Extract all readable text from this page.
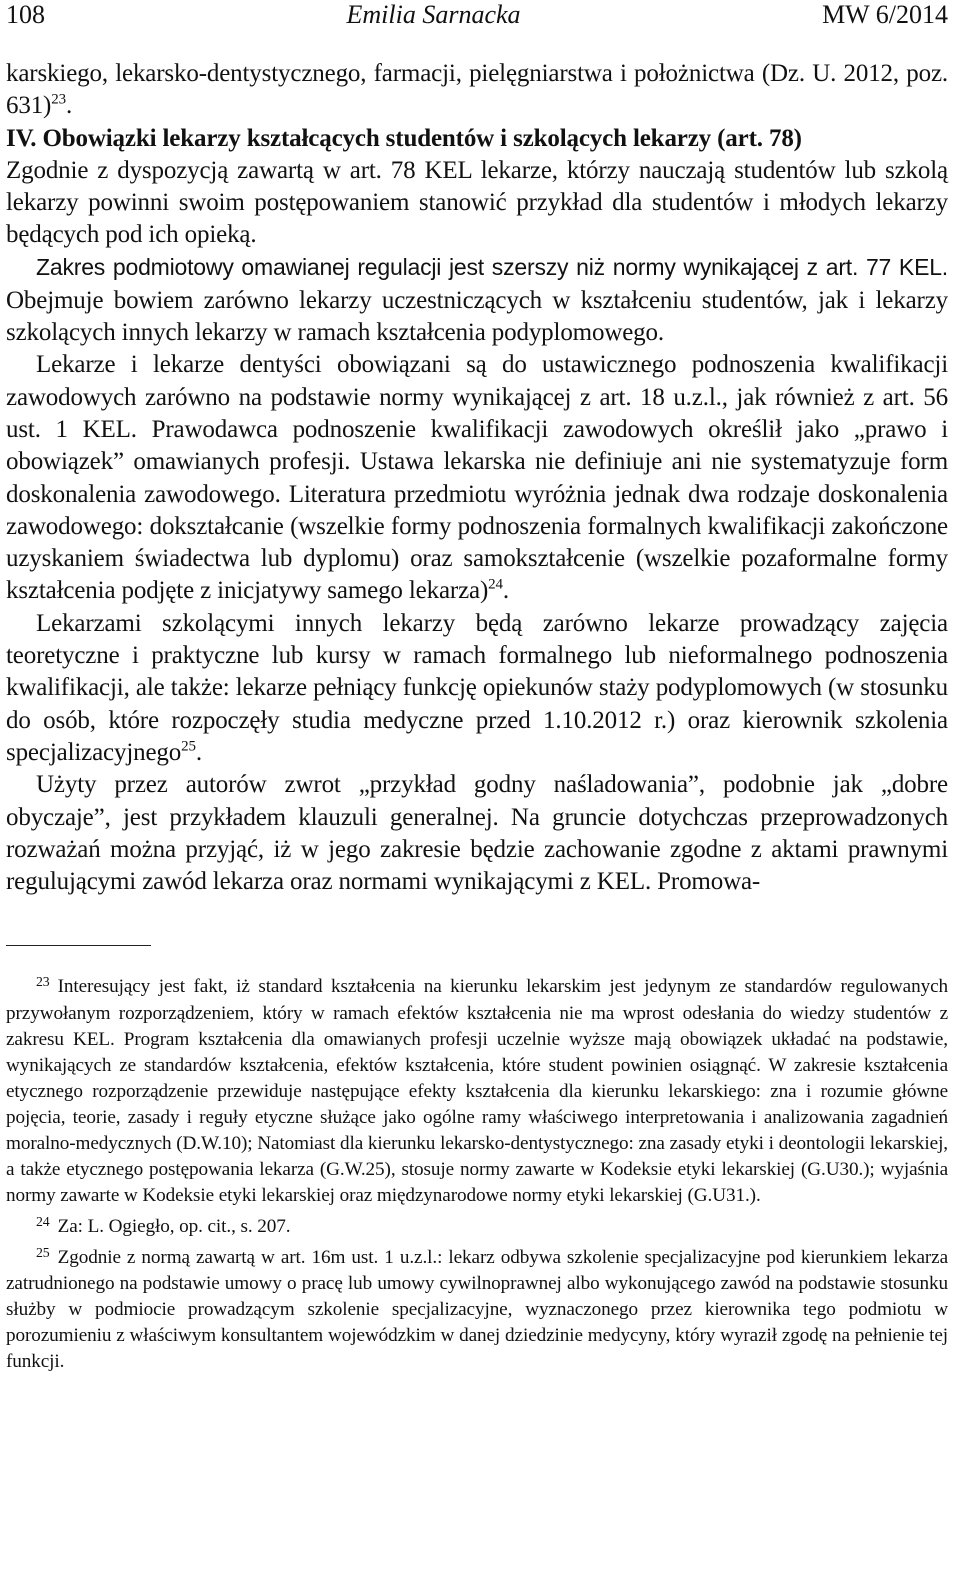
108	Emilia Sarnacka	MW 6/2014

karskiego, lekarsko-dentystycznego, farmacji, pielęgniarstwa i położnictwa (Dz. U. 2012, poz. 631)$^{23}$.

IV. Obowiązki lekarzy kształcących studentów i szkolących lekarzy (art. 78)

Zgodnie z dyspozycją zawartą w art. 78 KEL lekarze, którzy nauczają studentów lub szkolą lekarzy powinni swoim postępowaniem stanowić przykład dla studentów i młodych lekarzy będących pod ich opieką.

Zakres podmiotowy omawianej regulacji jest szerszy niż normy wynikającej z art. 77 KEL. Obejmuje bowiem zarówno lekarzy uczestniczących w kształceniu studentów, jak i lekarzy szkolących innych lekarzy w ramach kształcenia podyplomowego.

Lekarze i lekarze dentyści obowiązani są do ustawicznego podnoszenia kwalifikacji zawodowych zarówno na podstawie normy wynikającej z art. 18 u.z.l., jak również z art. 56 ust. 1 KEL. Prawodawca podnoszenie kwalifikacji zawodowych określił jako „prawo i obowiązek” omawianych profesji. Ustawa lekarska nie definiuje ani nie systematyzuje form doskonalenia zawodowego. Literatura przedmiotu wyróżnia jednak dwa rodzaje doskonalenia zawodowego: dokształcanie (wszelkie formy podnoszenia formalnych kwalifikacji zakończone uzyskaniem świadectwa lub dyplomu) oraz samokształcenie (wszelkie pozaformalne formy kształcenia podjęte z inicjatywy samego lekarza)$^{24}$.

Lekarzami szkolącymi innych lekarzy będą zarówno lekarze prowadzący zajęcia teoretyczne i praktyczne lub kursy w ramach formalnego lub nieformalnego podnoszenia kwalifikacji, ale także: lekarze pełniący funkcję opiekunów staży podyplomowych (w stosunku do osób, które rozpoczęły studia medyczne przed 1.10.2012 r.) oraz kierownik szkolenia specjalizacyjnego$^{25}$.

Użyty przez autorów zwrot „przykład godny naśladowania”, podobnie jak „dobre obyczaje”, jest przykładem klauzuli generalnej. Na gruncie dotychczas przeprowadzonych rozważań można przyjąć, iż w jego zakresie będzie zachowanie zgodne z aktami prawnymi regulującymi zawód lekarza oraz normami wynikającymi z KEL. Promowa-

$^{23}$ Interesujący jest fakt, iż standard kształcenia na kierunku lekarskim jest jedynym ze standardów regulowanych przywołanym rozporządzeniem, który w ramach efektów kształcenia nie ma wprost odesłania do wiedzy studentów z zakresu KEL. Program kształcenia dla omawianych profesji uczelnie wyższe mają obowiązek układać na podstawie, wynikających ze standardów kształcenia, efektów kształcenia, które student powinien osiągnąć. W zakresie kształcenia etycznego rozporządzenie przewiduje następujące efekty kształcenia dla kierunku lekarskiego: zna i rozumie główne pojęcia, teorie, zasady i reguły etyczne służące jako ogólne ramy właściwego interpretowania i analizowania zagadnień moralno-medycznych (D.W.10); Natomiast dla kierunku lekarsko-dentystycznego: zna zasady etyki i deontologii lekarskiej, a także etycznego postępowania lekarza (G.W.25), stosuje normy zawarte w Kodeksie etyki lekarskiej (G.U30.); wyjaśnia normy zawarte w Kodeksie etyki lekarskiej oraz międzynarodowe normy etyki lekarskiej (G.U31.).

$^{24}$ Za: L. Ogiegło, op. cit., s. 207.

$^{25}$ Zgodnie z normą zawartą w art. 16m ust. 1 u.z.l.: lekarz odbywa szkolenie specjalizacyjne pod kierunkiem lekarza zatrudnionego na podstawie umowy o pracę lub umowy cywilnoprawnej albo wykonującego zawód na podstawie stosunku służby w podmiocie prowadzącym szkolenie specjalizacyjne, wyznaczonego przez kierownika tego podmiotu w porozumieniu z właściwym konsultantem wojewódzkim w danej dziedzinie medycyny, który wyraził zgodę na pełnienie tej funkcji.
